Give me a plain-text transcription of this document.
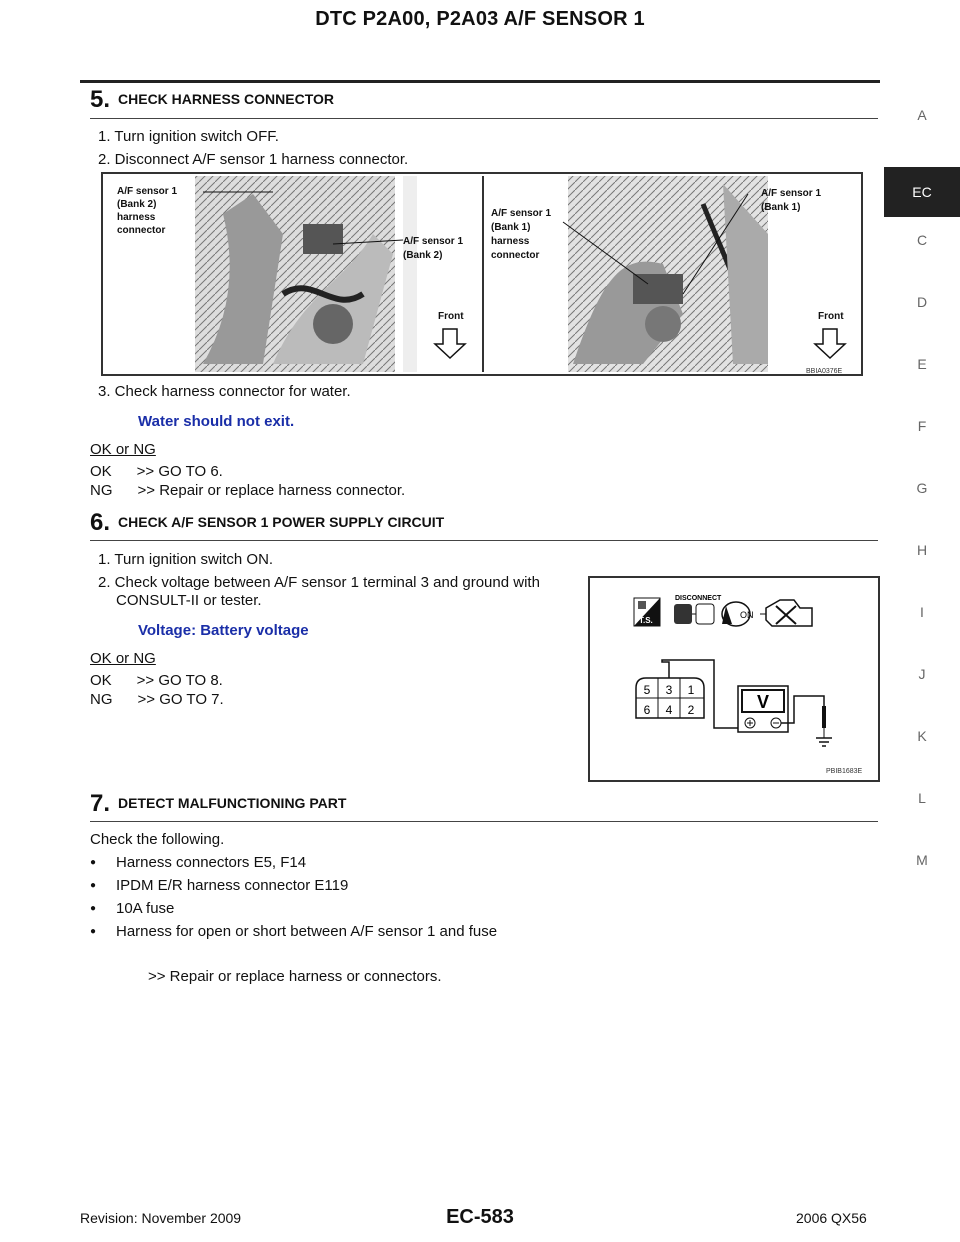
DTC P2A00, P2A03 A/F SENSOR 1
A
EC
C
D
E
F
G
H
I
J
K
L
M
5. CHECK HARNESS CONNECTOR
1. Turn ignition switch OFF.
2. Disconnect A/F sensor 1 harness connector.
A/F sensor 1
(Bank 2)
harness
connector
A/F sensor 1
(Bank 2)
A/F sensor 1
(Bank 1)
harness
connector
A/F sensor 1
(Bank 1)
Front	Front
BBIA0376E
3. Check harness connector for water.
Water should not exit.
OK or NG
OK      >> GO TO 6.
NG      >> Repair or replace harness connector.
6. CHECK A/F SENSOR 1 POWER SUPPLY CIRCUIT
1. Turn ignition switch ON.
2. Check voltage between A/F sensor 1 terminal 3 and ground with
CONSULT-II or tester.
Voltage: Battery voltage
OK or NG
OK      >> GO TO 8.
NG      >> GO TO 7.
T.S.
DISCONNECT
ON
5 3 1
6 4 2	V
PBIB1683E
7. DETECT MALFUNCTIONING PART
Check the following.
● Harness connectors E5, F14
● IPDM E/R harness connector E119
● 10A fuse
● Harness for open or short between A/F sensor 1 and fuse
>> Repair or replace harness or connectors.
Revision: November 2009	EC-583	2006 QX56
